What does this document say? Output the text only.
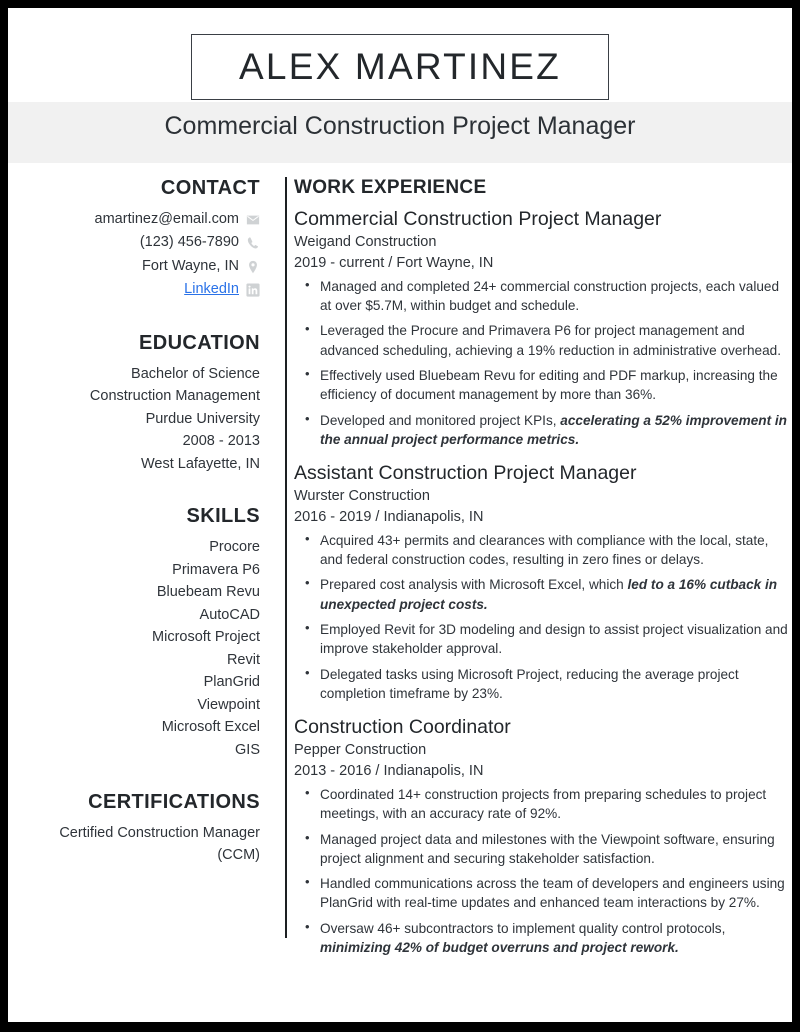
ALEX MARTINEZ
Commercial Construction Project Manager
CONTACT
amartinez@email.com
(123) 456-7890
Fort Wayne, IN
LinkedIn
EDUCATION
Bachelor of Science
Construction Management
Purdue University
2008 - 2013
West Lafayette, IN
SKILLS
Procore
Primavera P6
Bluebeam Revu
AutoCAD
Microsoft Project
Revit
PlanGrid
Viewpoint
Microsoft Excel
GIS
CERTIFICATIONS
Certified Construction Manager
(CCM)
WORK EXPERIENCE
Commercial Construction Project Manager
Weigand Construction
2019 - current / Fort Wayne, IN
• Managed and completed 24+ commercial construction projects, each valued at over $5.7M, within budget and schedule.
• Leveraged the Procure and Primavera P6 for project management and advanced scheduling, achieving a 19% reduction in administrative overhead.
• Effectively used Bluebeam Revu for editing and PDF markup, increasing the efficiency of document management by more than 36%.
• Developed and monitored project KPIs, accelerating a 52% improvement in the annual project performance metrics.
Assistant Construction Project Manager
Wurster Construction
2016 - 2019 / Indianapolis, IN
• Acquired 43+ permits and clearances with compliance with the local, state, and federal construction codes, resulting in zero fines or delays.
• Prepared cost analysis with Microsoft Excel, which led to a 16% cutback in unexpected project costs.
• Employed Revit for 3D modeling and design to assist project visualization and improve stakeholder approval.
• Delegated tasks using Microsoft Project, reducing the average project completion timeframe by 23%.
Construction Coordinator
Pepper Construction
2013 - 2016 / Indianapolis, IN
• Coordinated 14+ construction projects from preparing schedules to project meetings, with an accuracy rate of 92%.
• Managed project data and milestones with the Viewpoint software, ensuring project alignment and securing stakeholder satisfaction.
• Handled communications across the team of developers and engineers using PlanGrid with real-time updates and enhanced team interactions by 27%.
• Oversaw 46+ subcontractors to implement quality control protocols, minimizing 42% of budget overruns and project rework.
